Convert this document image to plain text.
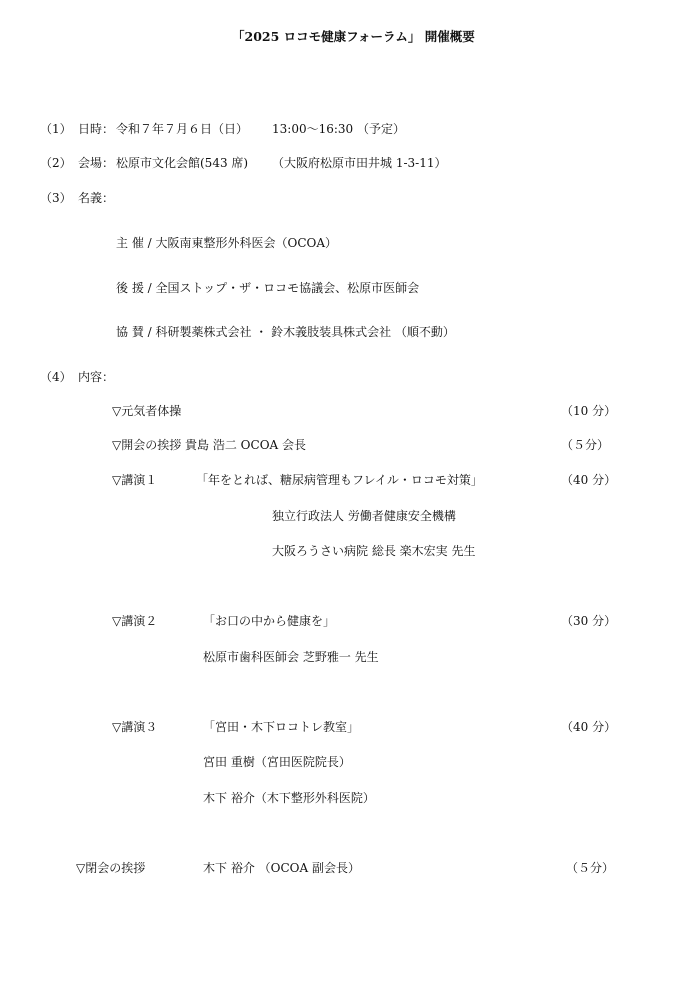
「2025 ロコモ健康フォーラム」 開催概要
（1） 日時： 令和７年７月６日（日） 13:00～16:30 （予定）
（2） 会場： 松原市文化会館(543 席) （大阪府松原市田井城 1-3-11）
（3） 名義：
主 催 / 大阪南東整形外科医会（OCOA）
後 援 / 全国ストップ・ザ・ロコモ協議会、松原市医師会
協 賛 / 科研製薬株式会社 ・ 鈴木義肢装具株式会社 （順不動）
（4） 内容：
▽元気者体操	（10 分）
▽開会の挨拶 貴島 浩二 OCOA 会長	（５分）
▽講演１	「年をとれば、糖尿病管理もフレイル・ロコモ対策」	（40 分）
独立行政法人 労働者健康安全機構
大阪ろうさい病院 総長 楽木宏実 先生
▽講演２	「お口の中から健康を」	（30 分）
松原市歯科医師会 芝野雅一 先生
▽講演３	「宮田・木下ロコトレ教室」	（40 分）
宮田 重樹（宮田医院院長）
木下 裕介（木下整形外科医院）
▽閉会の挨拶	木下 裕介 （OCOA 副会長）	（５分）
